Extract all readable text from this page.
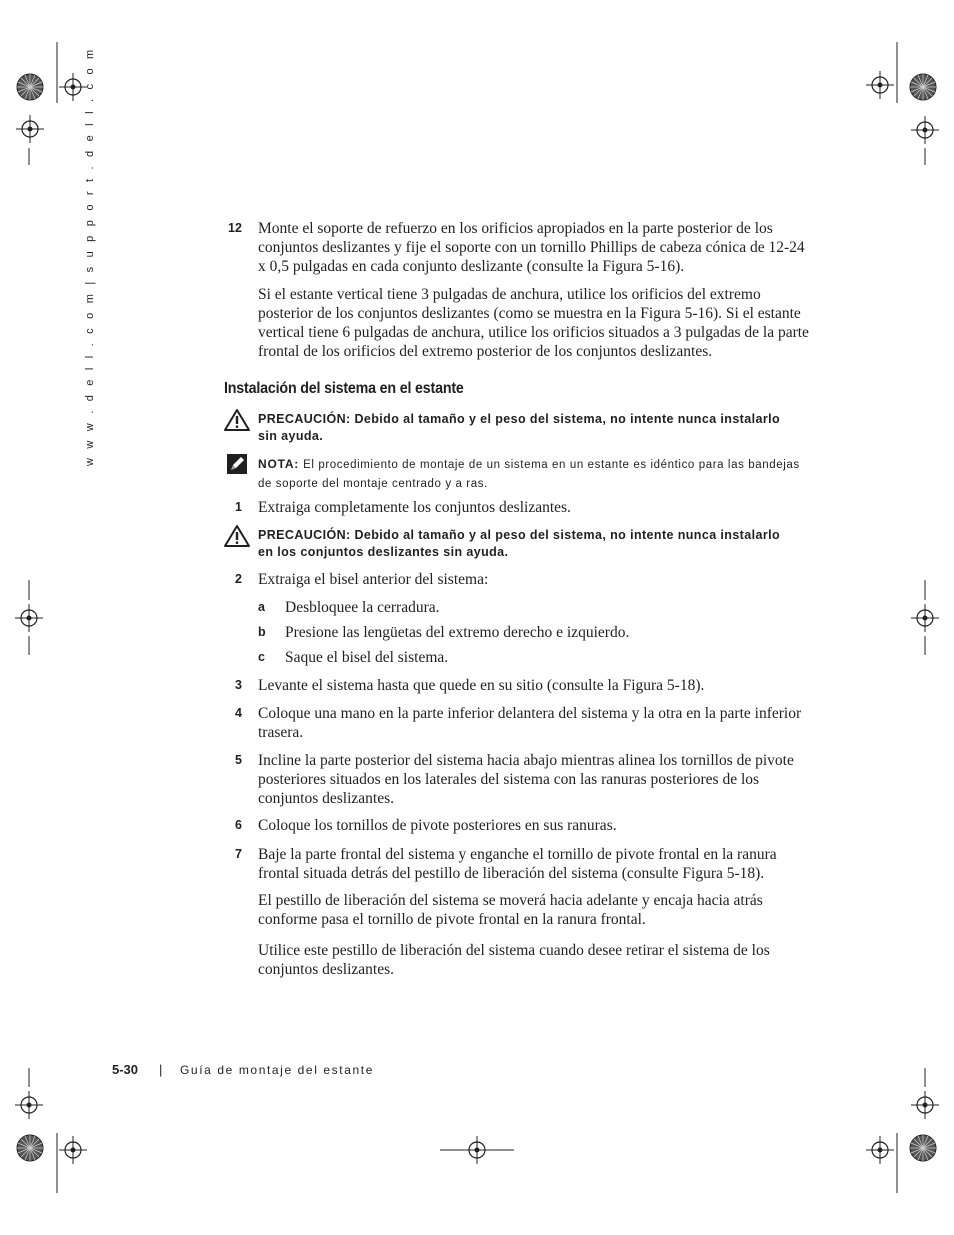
w w w . d e l l . c o m | s u p p o r t . d e l l . c o m	12 Monte el soporte de refuerzo en los orificios apropiados en la parte posterior de los conjuntos deslizantes y fije el soporte con un tornillo Phillips de cabeza cónica de 12-24 x 0,5 pulgadas en cada conjunto deslizante (consulte la Figura 5-16).
Si el estante vertical tiene 3 pulgadas de anchura, utilice los orificios del extremo posterior de los conjuntos deslizantes (como se muestra en la Figura 5-16). Si el estante vertical tiene 6 pulgadas de anchura, utilice los orificios situados a 3 pulgadas de la parte frontal de los orificios del extremo posterior de los conjuntos deslizantes.
Instalación del sistema en el estante
PRECAUCIÓN: Debido al tamaño y el peso del sistema, no intente nunca instalarlo sin ayuda.
NOTA: El procedimiento de montaje de un sistema en un estante es idéntico para las bandejas de soporte del montaje centrado y a ras.
1 Extraiga completamente los conjuntos deslizantes.
PRECAUCIÓN: Debido al tamaño y al peso del sistema, no intente nunca instalarlo en los conjuntos deslizantes sin ayuda.
2 Extraiga el bisel anterior del sistema:
a Desbloquee la cerradura.
b Presione las lengüetas del extremo derecho e izquierdo.
c Saque el bisel del sistema.
3 Levante el sistema hasta que quede en su sitio (consulte la Figura 5-18).
4 Coloque una mano en la parte inferior delantera del sistema y la otra en la parte inferior trasera.
5 Incline la parte posterior del sistema hacia abajo mientras alinea los tornillos de pivote posteriores situados en los laterales del sistema con las ranuras posteriores de los conjuntos deslizantes.
6 Coloque los tornillos de pivote posteriores en sus ranuras.
7 Baje la parte frontal del sistema y enganche el tornillo de pivote frontal en la ranura frontal situada detrás del pestillo de liberación del sistema (consulte Figura 5-18).
El pestillo de liberación del sistema se moverá hacia adelante y encaja hacia atrás conforme pasa el tornillo de pivote frontal en la ranura frontal.
Utilice este pestillo de liberación del sistema cuando desee retirar el sistema de los conjuntos deslizantes.
5-30 | Guía de montaje del estante
